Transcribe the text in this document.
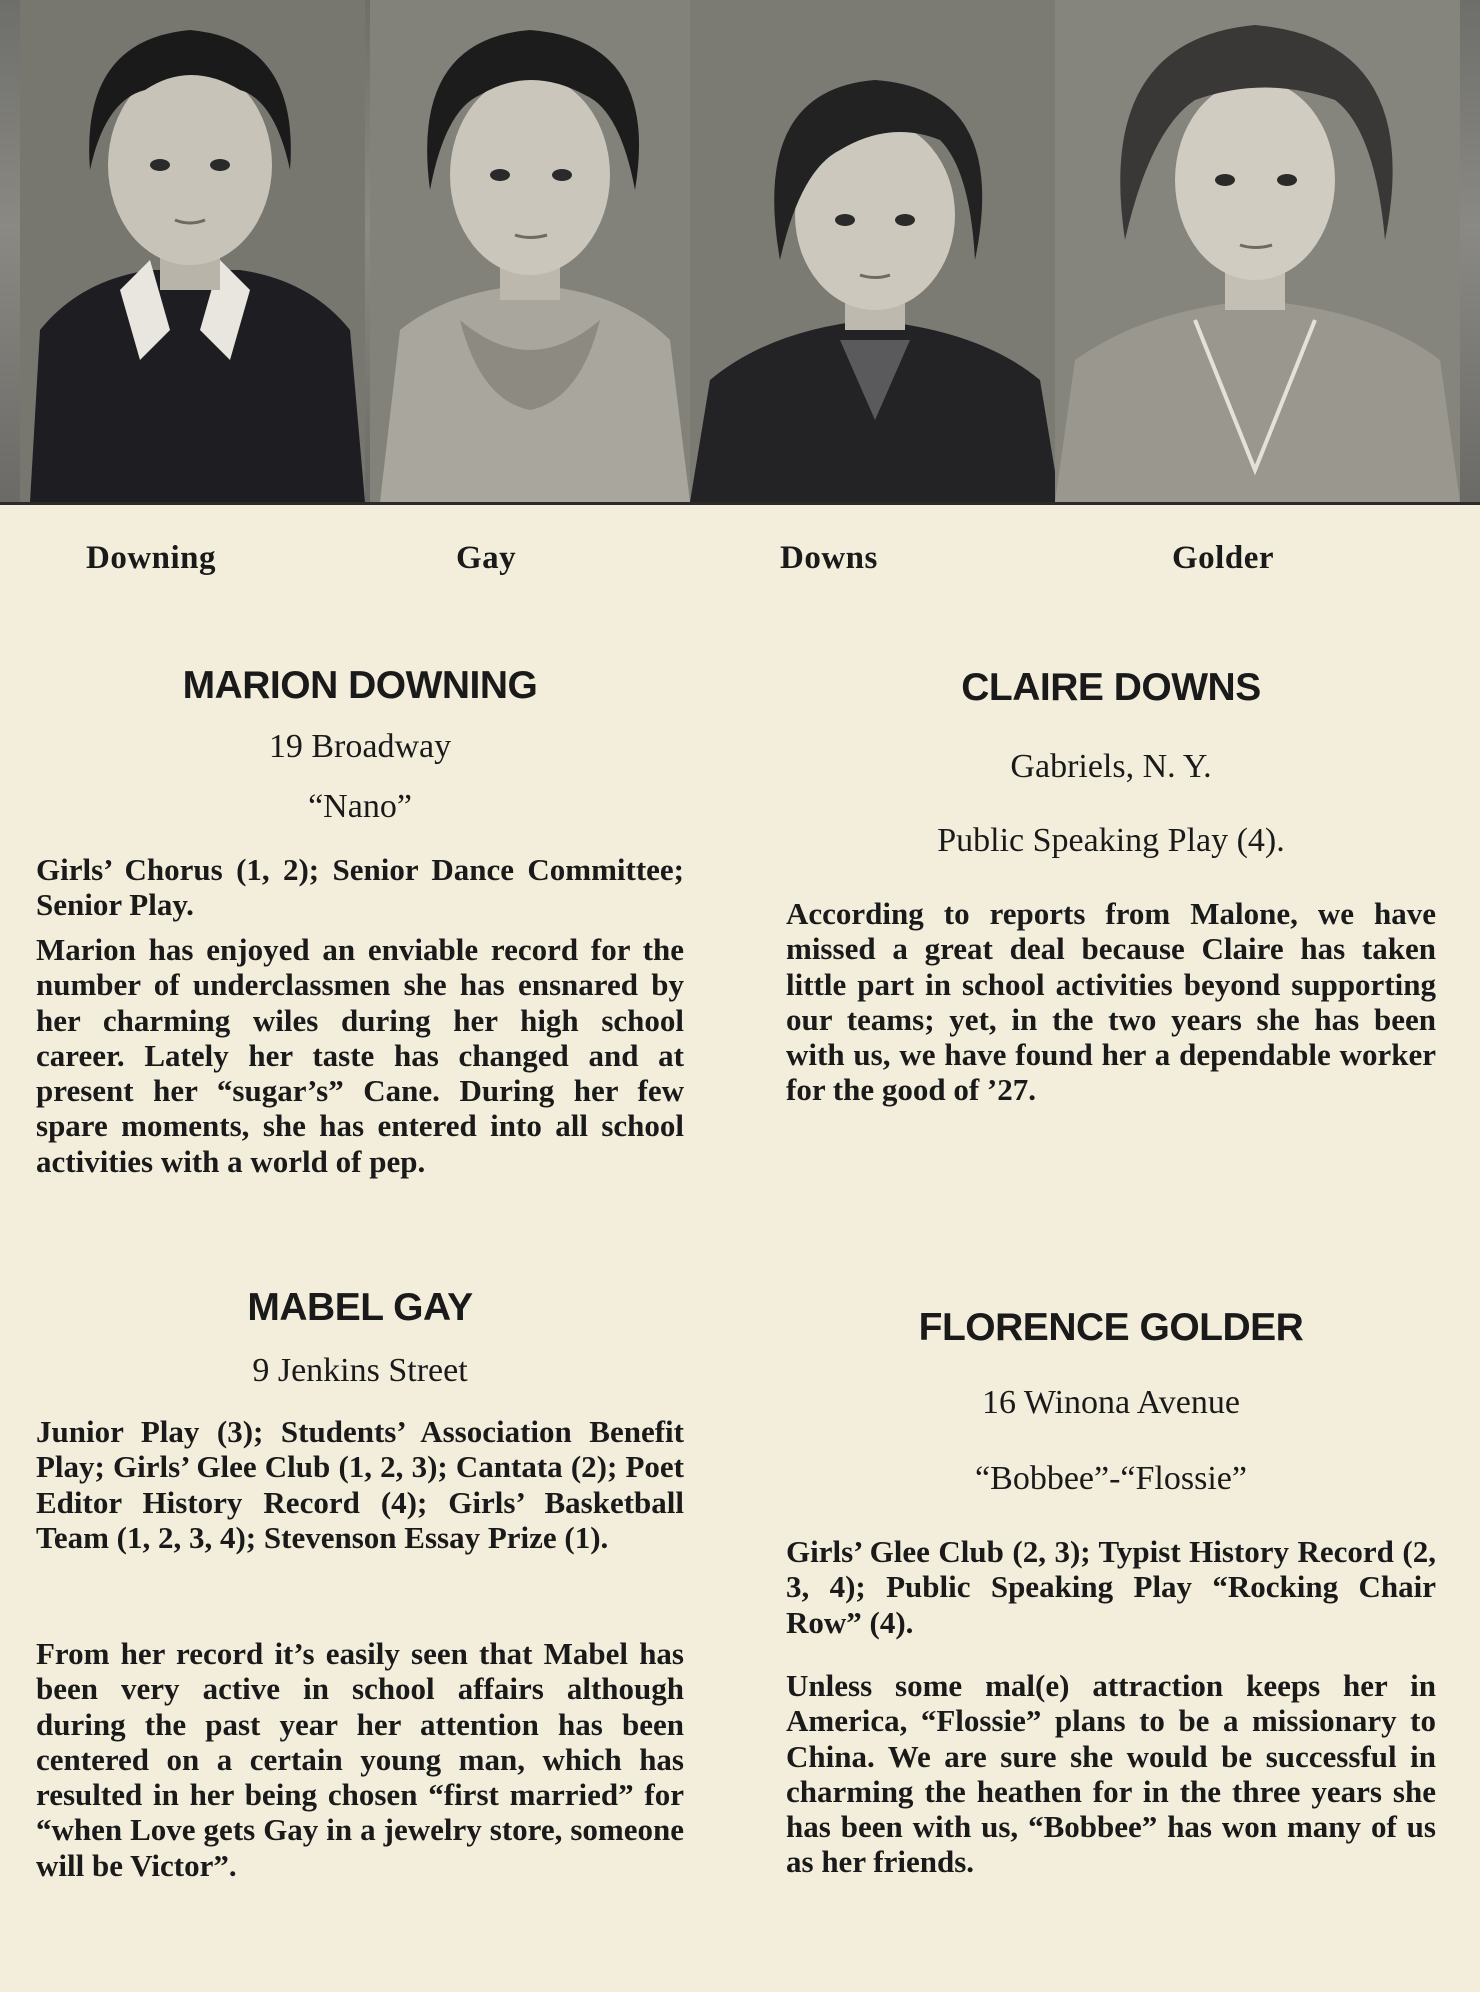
Downing	Gay	Downs	Golder
MARION DOWNING
19 Broadway
“Nano”
Girls’ Chorus (1, 2); Senior Dance Committee; Senior Play.
Marion has enjoyed an enviable record for the number of underclassmen she has ensnared by her charming wiles during her high school career. Lately her taste has changed and at present her “sugar’s” Cane. During her few spare moments, she has entered into all school activities with a world of pep.
MABEL GAY
9 Jenkins Street
Junior Play (3); Students’ Association Benefit Play; Girls’ Glee Club (1, 2, 3); Cantata (2); Poet Editor History Record (4); Girls’ Basketball Team (1, 2, 3, 4); Stevenson Essay Prize (1).
From her record it’s easily seen that Mabel has been very active in school affairs although during the past year her attention has been centered on a certain young man, which has resulted in her being chosen “first married” for “when Love gets Gay in a jewelry store, someone will be Victor”.
CLAIRE DOWNS
Gabriels, N. Y.
Public Speaking Play (4).
According to reports from Malone, we have missed a great deal because Claire has taken little part in school activities beyond supporting our teams; yet, in the two years she has been with us, we have found her a dependable worker for the good of ’27.
FLORENCE GOLDER
16 Winona Avenue
“Bobbee”-“Flossie”
Girls’ Glee Club (2, 3); Typist History Record (2, 3, 4); Public Speaking Play “Rocking Chair Row” (4).
Unless some mal(e) attraction keeps her in America, “Flossie” plans to be a missionary to China. We are sure she would be successful in charming the heathen for in the three years she has been with us, “Bobbee” has won many of us as her friends.
